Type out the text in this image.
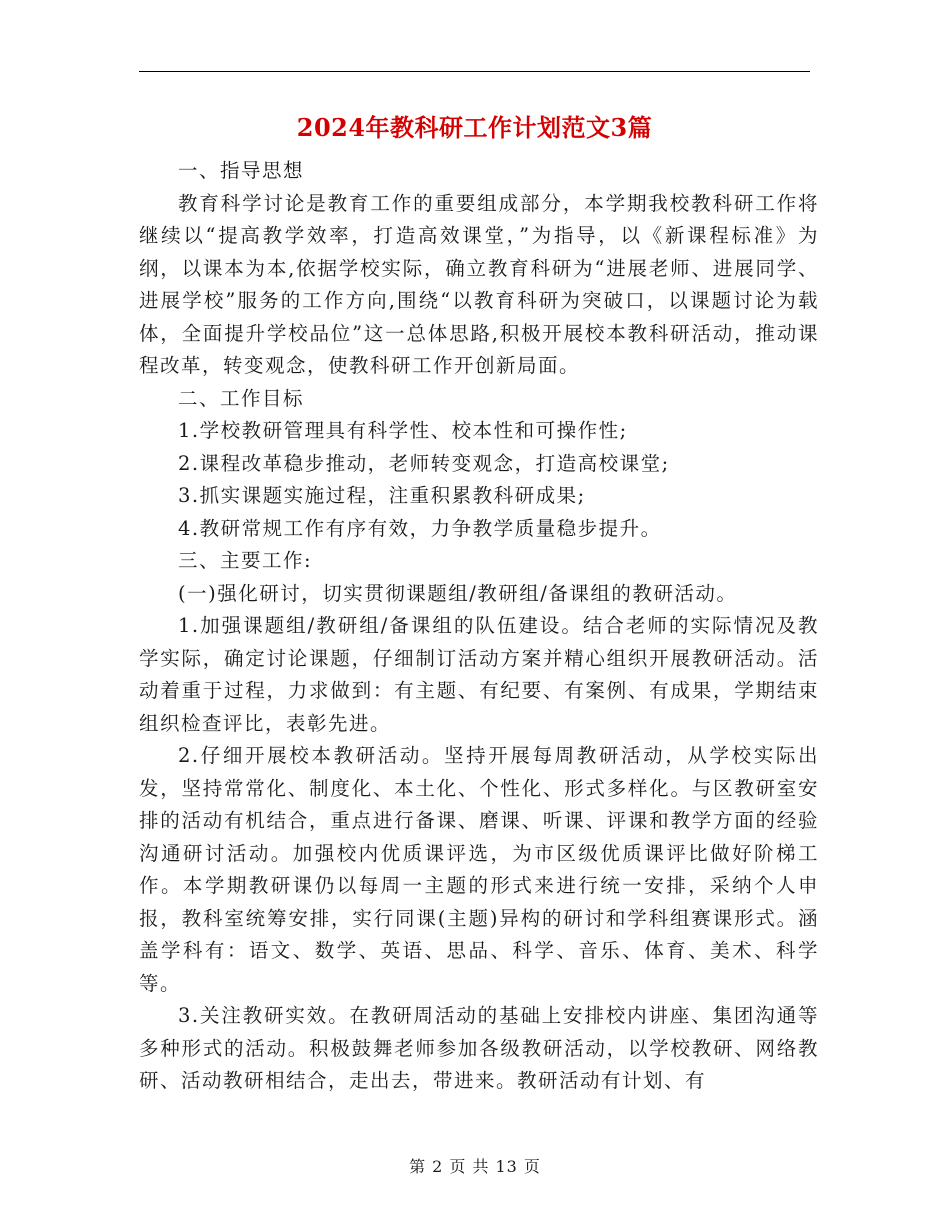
2024年教科研工作计划范文3篇

一、指导思想

教育科学讨论是教育工作的重要组成部分，本学期我校教科研工作将继续以“提高教学效率，打造高效课堂，”为指导，以《新课程标准》为纲，以课本为本,依据学校实际，确立教育科研为“进展老师、进展同学、进展学校”服务的工作方向,围绕“以教育科研为突破口，以课题讨论为载体，全面提升学校品位”这一总体思路,积极开展校本教科研活动，推动课程改革，转变观念，使教科研工作开创新局面。

二、工作目标

1.学校教研管理具有科学性、校本性和可操作性;

2.课程改革稳步推动，老师转变观念，打造高校课堂;

3.抓实课题实施过程，注重积累教科研成果;

4.教研常规工作有序有效，力争教学质量稳步提升。

三、主要工作:

(一)强化研讨，切实贯彻课题组/教研组/备课组的教研活动。

1.加强课题组/教研组/备课组的队伍建设。结合老师的实际情况及教学实际，确定讨论课题，仔细制订活动方案并精心组织开展教研活动。活动着重于过程，力求做到：有主题、有纪要、有案例、有成果，学期结束组织检查评比，表彰先进。

2.仔细开展校本教研活动。坚持开展每周教研活动，从学校实际出发，坚持常常化、制度化、本土化、个性化、形式多样化。与区教研室安排的活动有机结合，重点进行备课、磨课、听课、评课和教学方面的经验沟通研讨活动。加强校内优质课评选，为市区级优质课评比做好阶梯工作。本学期教研课仍以每周一主题的形式来进行统一安排，采纳个人申报，教科室统筹安排，实行同课(主题)异构的研讨和学科组赛课形式。涵盖学科有：语文、数学、英语、思品、科学、音乐、体育、美术、科学等。

3.关注教研实效。在教研周活动的基础上安排校内讲座、集团沟通等多种形式的活动。积极鼓舞老师参加各级教研活动，以学校教研、网络教研、活动教研相结合，走出去，带进来。教研活动有计划、有

第 2 页 共 13 页
